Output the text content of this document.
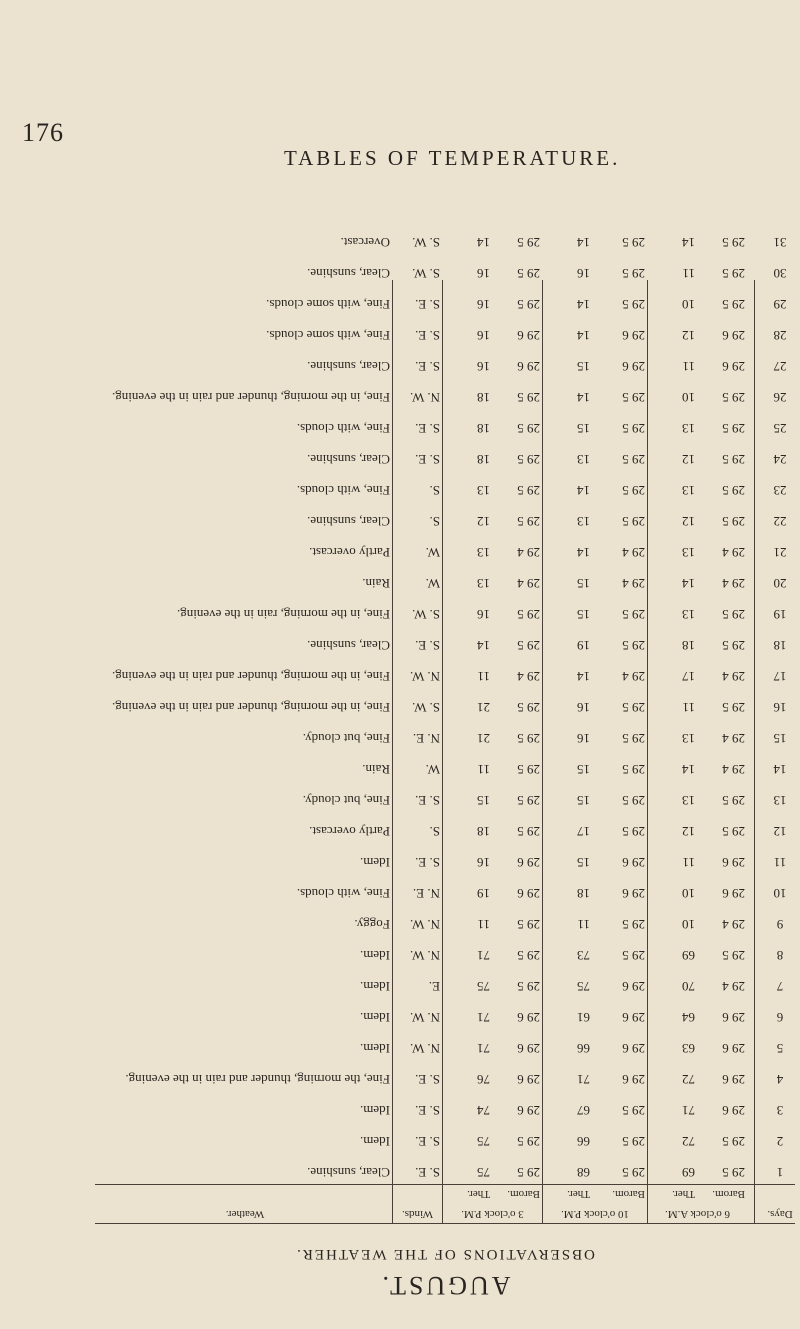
176
TABLES OF TEMPERATURE.
AUGUST.
OBSERVATIONS OF THE WEATHER.
Days.
6 o'clock A.M.
10 o'clock P.M.
3 o'clock P.M.
Winds.
Weather.
Barom.
Ther.
Barom.
Ther.
Barom.
Ther.
1
29 5
69
29 5
68
29 5
75
S. E.
Clear, sunshine.
2
29 5
72
29 5
66
29 5
75
S. E.
Idem.
3
29 6
71
29 5
67
29 6
74
S. E.
Idem.
4
29 6
72
29 6
71
29 6
76
S. E.
Fine, the morning, thunder and rain in the evening.
5
29 6
63
29 6
66
29 6
71
N. W.
Idem.
6
29 6
64
29 6
61
29 6
71
N. W.
Idem.
7
29 4
70
29 6
75
29 5
75
E.
Idem.
8
29 5
69
29 5
73
29 5
71
N. W.
Idem.
9
29 4
10
29 5
11
29 5
11
N. W.
Foggy.
10
29 6
10
29 6
18
29 6
19
N. E.
Fine, with clouds.
11
29 6
11
29 6
15
29 6
16
S. E.
Idem.
12
29 5
12
29 5
17
29 5
18
S.
Partly overcast.
13
29 5
13
29 5
15
29 5
15
S. E.
Fine, but cloudy.
14
29 4
14
29 5
15
29 5
11
W.
Rain.
15
29 4
13
29 5
16
29 5
21
N. E.
Fine, but cloudy.
16
29 5
11
29 5
16
29 5
21
S. W.
Fine, in the morning, thunder and rain in the evening.
17
29 4
17
29 4
14
29 4
11
N. W.
Fine, in the morning, thunder and rain in the evening.
18
29 5
18
29 5
19
29 5
14
S. E.
Clear, sunshine.
19
29 5
13
29 5
15
29 5
16
S. W.
Fine, in the morning, rain in the evening.
20
29 4
14
29 4
15
29 4
13
W.
Rain.
21
29 4
13
29 4
14
29 4
13
W.
Partly overcast.
22
29 5
12
29 5
13
29 5
12
S.
Clear, sunshine.
23
29 5
13
29 5
14
29 5
13
S.
Fine, with clouds.
24
29 5
12
29 5
13
29 5
18
S. E.
Clear, sunshine.
25
29 5
13
29 5
15
29 5
18
S. E.
Fine, with clouds.
26
29 5
10
29 5
14
29 5
18
N. W.
Fine, in the morning, thunder and rain in the evening.
27
29 6
11
29 6
15
29 6
16
S. E.
Clear, sunshine.
28
29 6
12
29 6
14
29 6
16
S. E.
Fine, with some clouds.
29
29 5
10
29 5
14
29 5
16
S. E.
Fine, with some clouds.
30
29 5
11
29 5
16
29 5
16
S. W.
Clear, sunshine.
31
29 5
14
29 5
14
29 5
14
S. W.
Overcast.
